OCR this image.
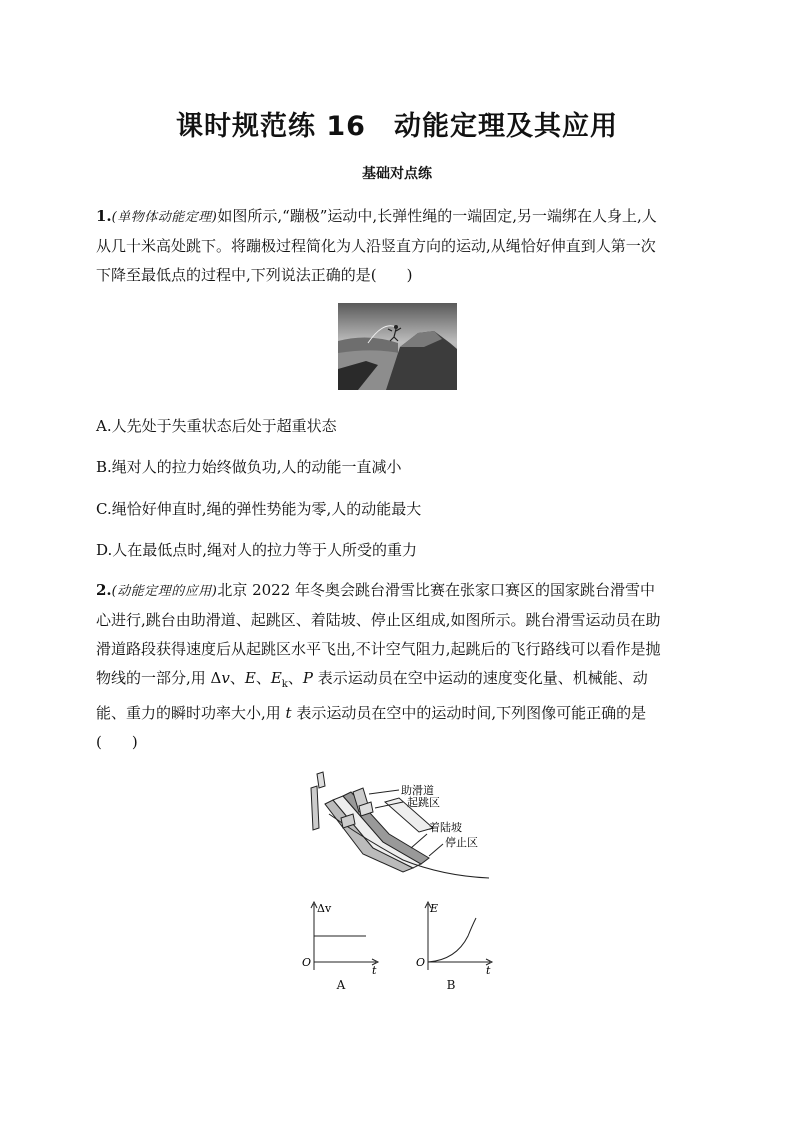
课时规范练 16　动能定理及其应用
基础对点练
1.(单物体动能定理)如图所示,“蹦极”运动中,长弹性绳的一端固定,另一端绑在人身上,人
从几十米高处跳下。将蹦极过程简化为人沿竖直方向的运动,从绳恰好伸直到人第一次
下降至最低点的过程中,下列说法正确的是(　　)
A.人先处于失重状态后处于超重状态
B.绳对人的拉力始终做负功,人的动能一直减小
C.绳恰好伸直时,绳的弹性势能为零,人的动能最大
D.人在最低点时,绳对人的拉力等于人所受的重力
2.(动能定理的应用)北京 2022 年冬奥会跳台滑雪比赛在张家口赛区的国家跳台滑雪中
心进行,跳台由助滑道、起跳区、着陆坡、停止区组成,如图所示。跳台滑雪运动员在助
滑道路段获得速度后从起跳区水平飞出,不计空气阻力,起跳后的飞行路线可以看作是抛
物线的一部分,用 Δv、E、$E_k$、P 表示运动员在空中运动的速度变化量、机械能、动
能、重力的瞬时功率大小,用 t 表示运动员在空中的运动时间,下列图像可能正确的是
(　　)
助滑道
起跳区
着陆坡
停止区
Δv
O
t
A
E
O
t
B
